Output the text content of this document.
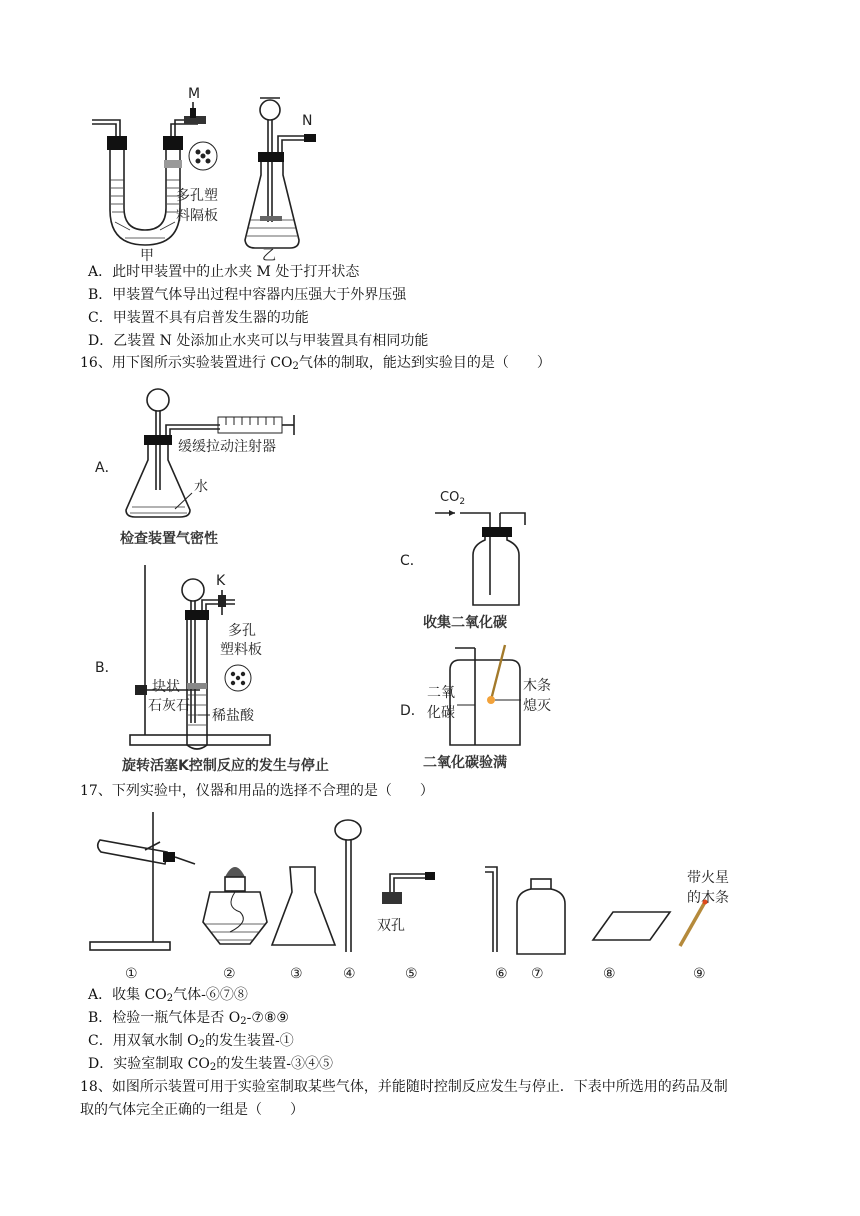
M
多孔塑
料隔板
甲
N
乙
A．此时甲装置中的止水夹 M 处于打开状态
B．甲装置气体导出过程中容器内压强大于外界压强
C．甲装置不具有启普发生器的功能
D．乙装置 N 处添加止水夹可以与甲装置具有相同功能
16、用下图所示实验装置进行 $CO_2$气体的制取，能达到实验目的是（　　）
A．
缓缓拉动注射器
水
检查装置气密性
B．
K
多孔
塑料板
块状
石灰石
稀盐酸
旋转活塞K控制反应的发生与停止
C．
$CO_2$
收集二氧化碳
D．
二氧
化碳
木条
熄灭
二氧化碳验满
17、下列实验中，仪器和用品的选择不合理的是（　　）
双孔
带火星
的木条
①	②	③	④	⑤	⑥ ⑦	⑧	⑨
A．收集 $CO_2$气体-⑥⑦⑧
B．检验一瓶气体是否 $O_2$-⑦⑧⑨
C．用双氧水制 $O_2$的发生装置-①
D．实验室制取 $CO_2$的发生装置-③④⑤
18、如图所示装置可用于实验室制取某些气体，并能随时控制反应发生与停止．下表中所选用的药品及制
取的气体完全正确的一组是（　　）
